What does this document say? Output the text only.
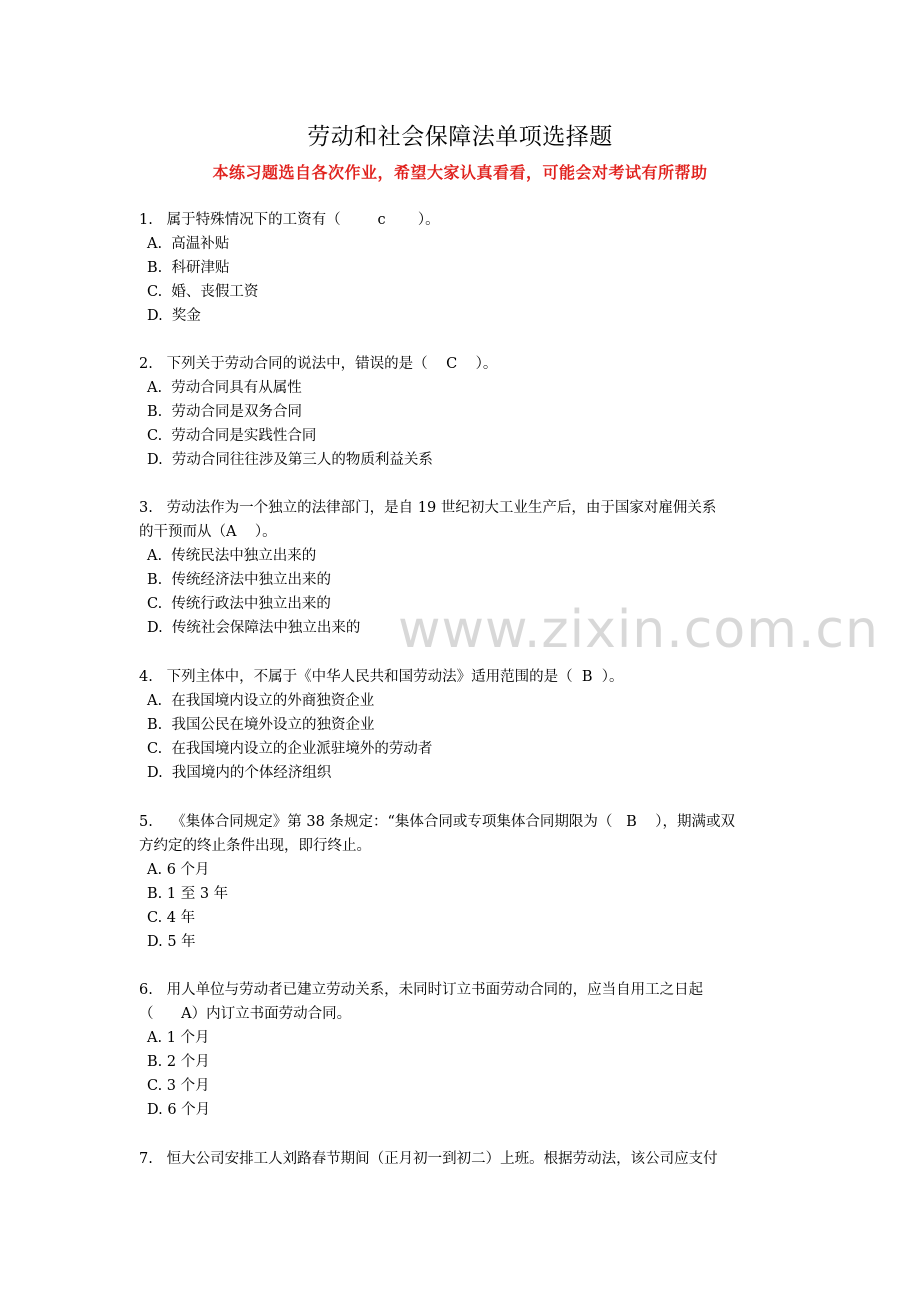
劳动和社会保障法单项选择题
本练习题选自各次作业，希望大家认真看看，可能会对考试有所帮助
www.zixin.com.cn
1.   属于特殊情况下的工资有（        c       ）。
A.  高温补贴
B.  科研津贴
C.  婚、丧假工资
D.  奖金
2.   下列关于劳动合同的说法中，错误的是（    C    ）。
A.  劳动合同具有从属性
B.  劳动合同是双务合同
C.  劳动合同是实践性合同
D.  劳动合同往往涉及第三人的物质利益关系
3.   劳动法作为一个独立的法律部门，是自 19 世纪初大工业生产后，由于国家对雇佣关系
的干预而从（A    ）。
A.  传统民法中独立出来的
B.  传统经济法中独立出来的
C.  传统行政法中独立出来的
D.  传统社会保障法中独立出来的
4.   下列主体中，不属于《中华人民共和国劳动法》适用范围的是（  B  ）。
A.  在我国境内设立的外商独资企业
B.  我国公民在境外设立的独资企业
C.  在我国境内设立的企业派驻境外的劳动者
D.  我国境内的个体经济组织
5.    《集体合同规定》第 38 条规定：“集体合同或专项集体合同期限为（   B    ），期满或双
方约定的终止条件出现，即行终止。
A. 6 个月
B. 1 至 3 年
C. 4 年
D. 5 年
6.   用人单位与劳动者已建立劳动关系，未同时订立书面劳动合同的，应当自用工之日起
（      A）内订立书面劳动合同。
A. 1 个月
B. 2 个月
C. 3 个月
D. 6 个月
7.   恒大公司安排工人刘路春节期间（正月初一到初二）上班。根据劳动法，该公司应支付
